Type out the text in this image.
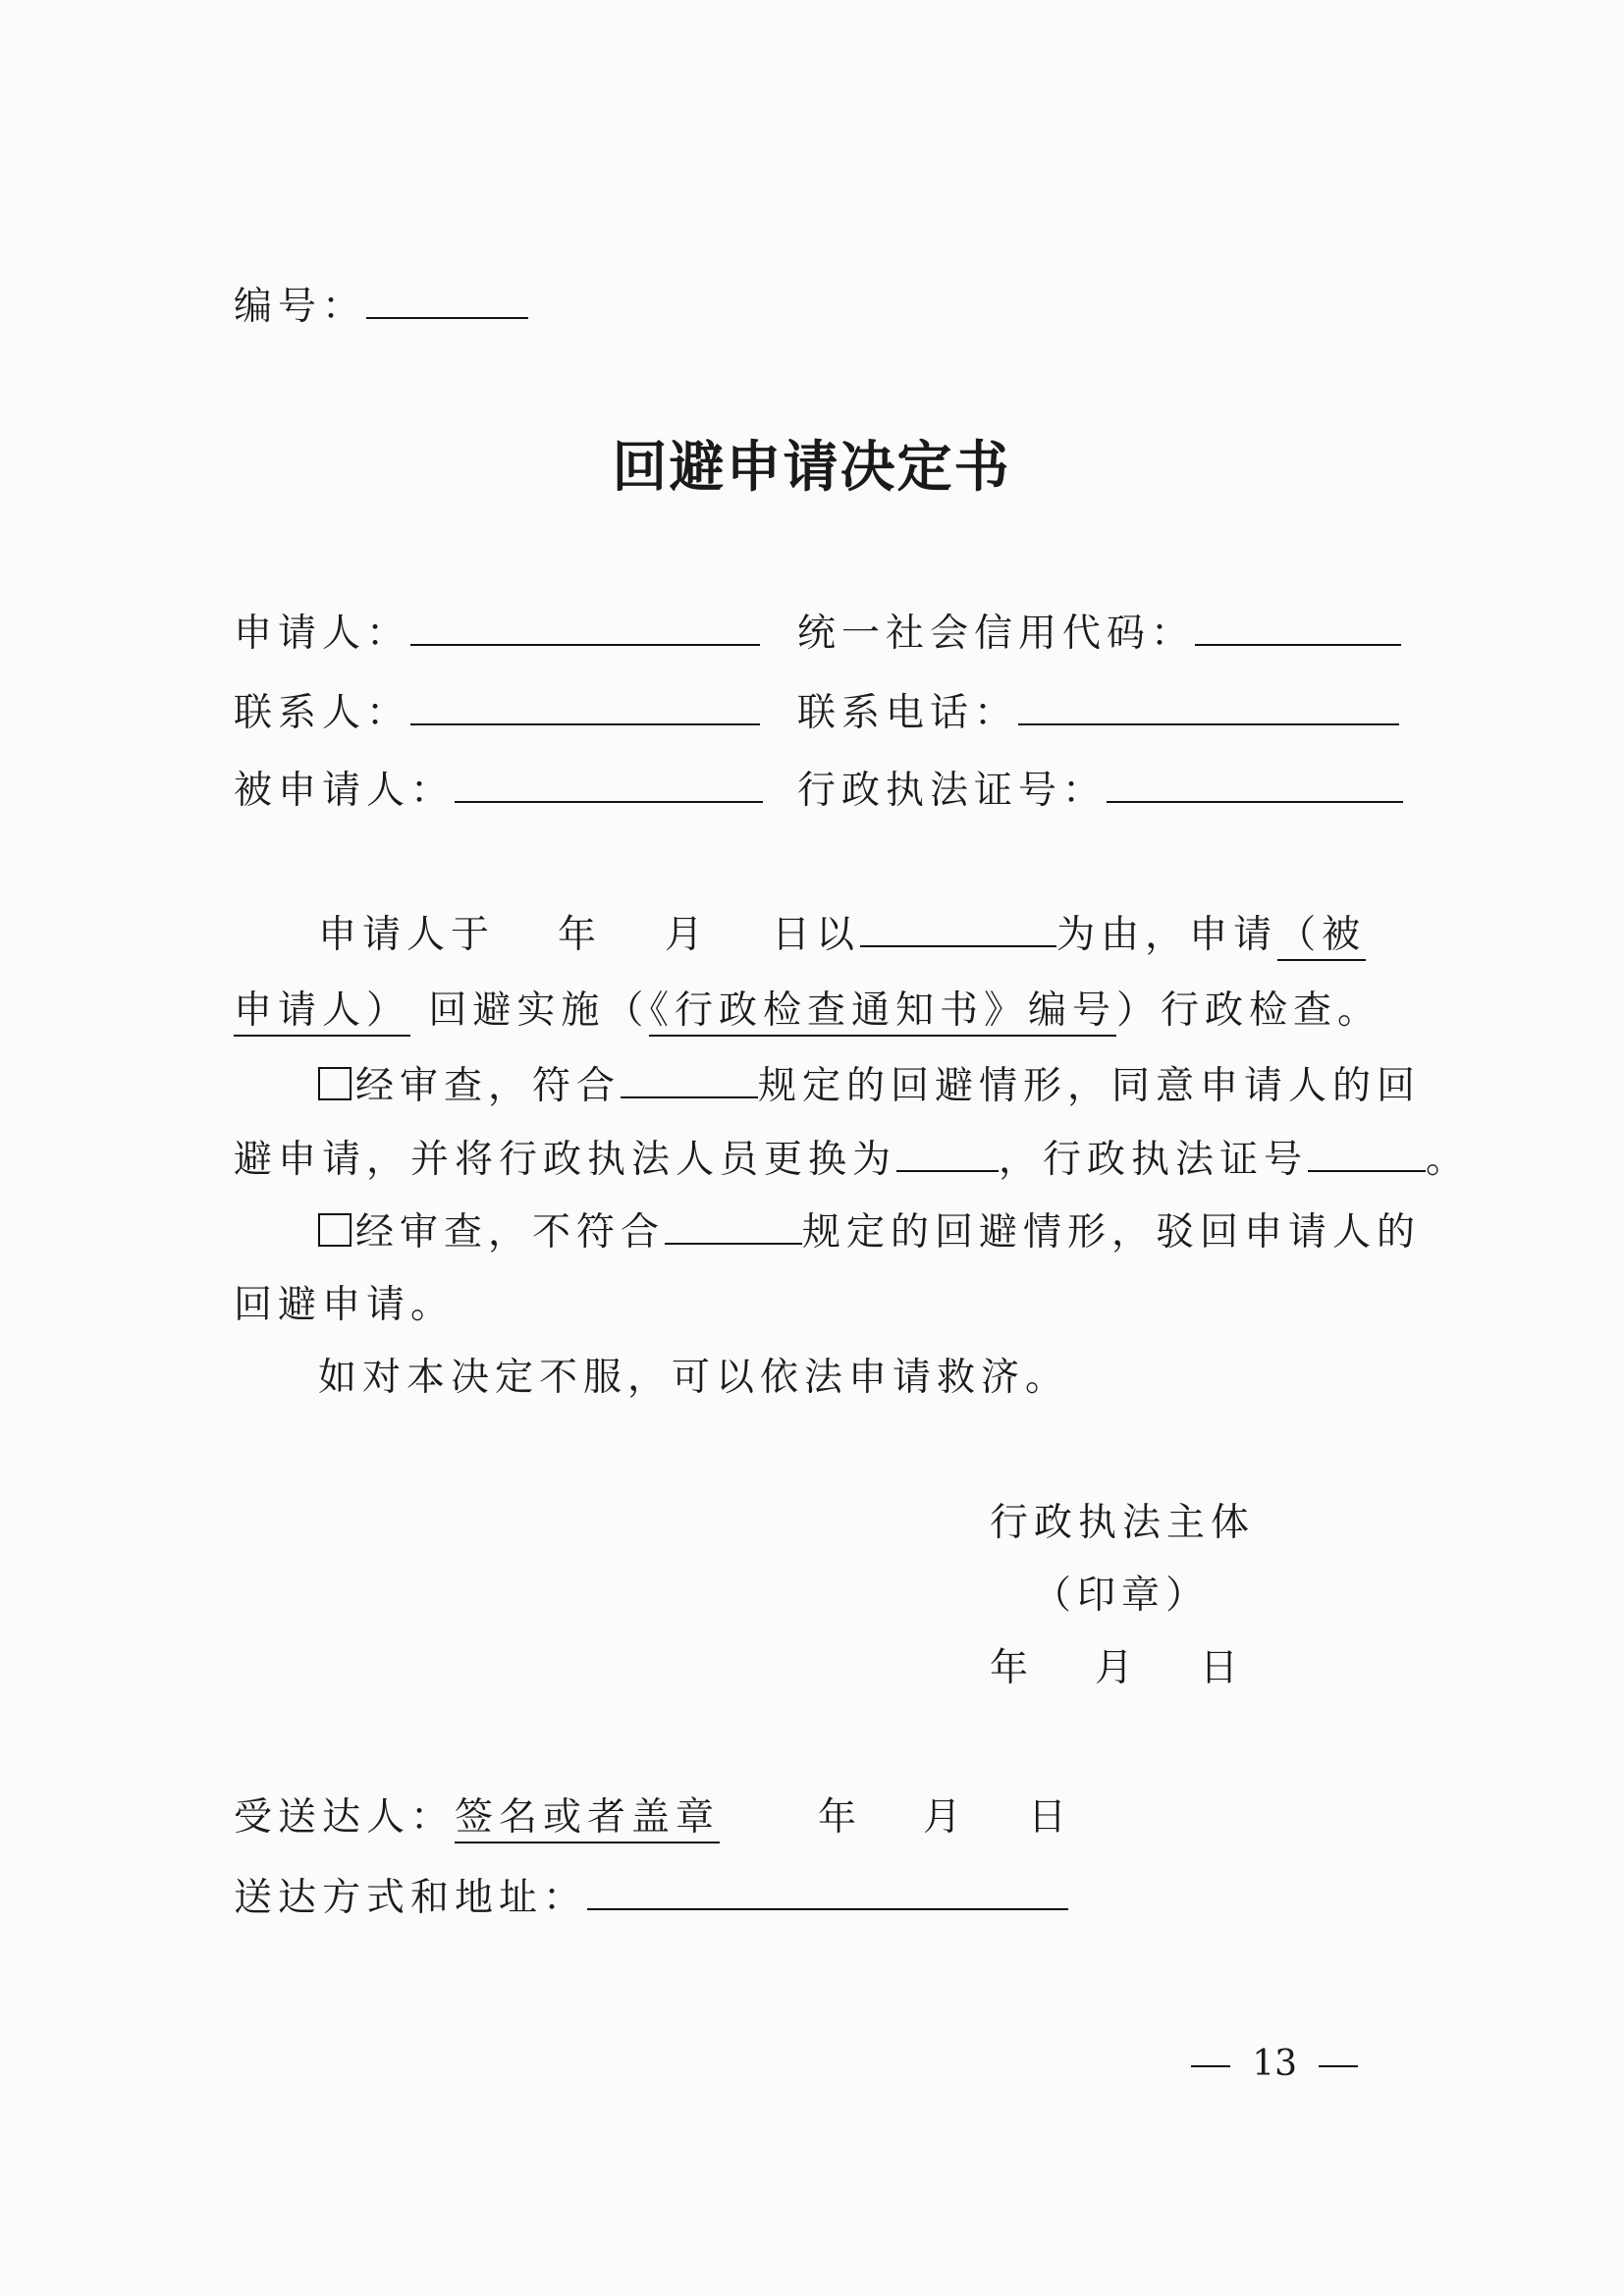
编号：
回避申请决定书
申请人：	统一社会信用代码：
联系人：	联系电话：
被申请人：	行政执法证号：
申请人于 年 月 日以	为由，申请（被
申请人） 回避实施（《行政检查通知书》编号）行政检查。
经审查，符合	规定的回避情形，同意申请人的回
避申请，并将行政执法人员更换为	，行政执法证号	。
经审查，不符合	规定的回避情形，驳回申请人的
回避申请。
如对本决定不服，可以依法申请救济。
行政执法主体
（印章）
年 月 日
受送达人：签名或者盖章	年 月 日
送达方式和地址：
13
